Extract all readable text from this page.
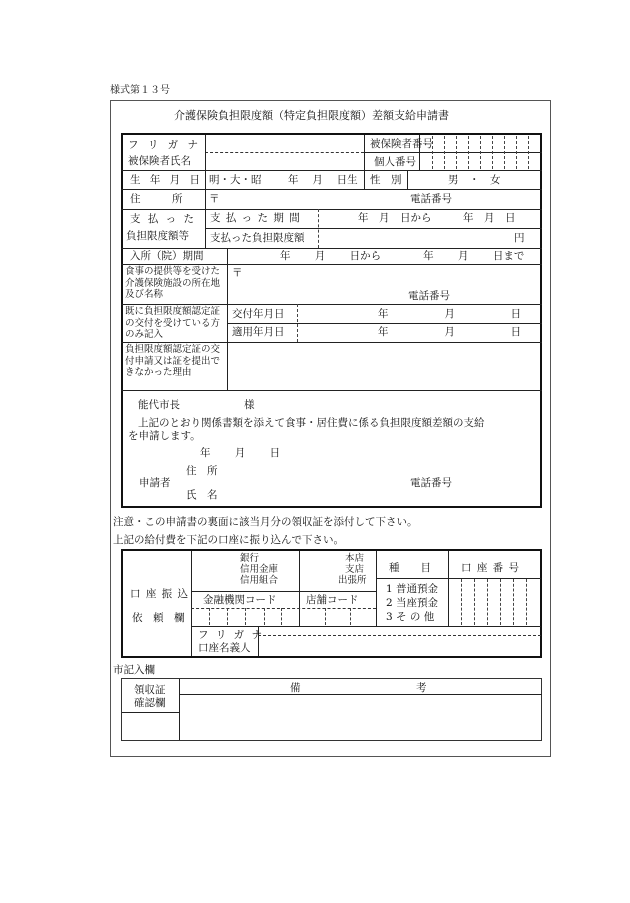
様式第１３号
介護保険負担限度額（特定負担限度額）差額支給申請書
フ リ ガ ナ
被保険者氏名
被保険者番号
個人番号
生 年 月 日 明・大・昭	年　 月　 日生 性　別	男　・　女
住　　　所	〒	電話番号
支 払 っ た
負担限度額等
支 払 っ た 期 間	年　月　日から　　　年　月　日
支払った負担限度額	円
入所（院）期間	年　　 月　　 日から　　　　年　　 月　　 日まで
食事の提供等を受けた介護保険施設の所在地及び名称
〒
電話番号
既に負担限度額認定証の交付を受けている方のみ記入
交付年月日	年　　　　　 月　　　　　 日
適用年月日	年　　　　　 月　　　　　 日
負担限度額認定証の交付申請又は証を提出できなかった理由
能代市長	様
上記のとおり関係書類を添えて食事・居住費に係る負担限度額差額の支給
を申請します。
年　　 月　　 日
住　所
申請者	電話番号
氏　名
注意・この申請書の裏面に該当月分の領収証を添付して下さい。
上記の給付費を下記の口座に振り込んで下さい。
口 座 振 込
依　頼　欄
銀行
信用金庫
信用組合
本店
支店
出張所
種　　目	口 座 番 号
金融機関コード	店舗コード
1 普通預金
2 当座預金
3 そ の 他
フ リ ガ ナ
口座名義人
市記入欄
領収証
確認欄
備　　　　　　　　　　　考
